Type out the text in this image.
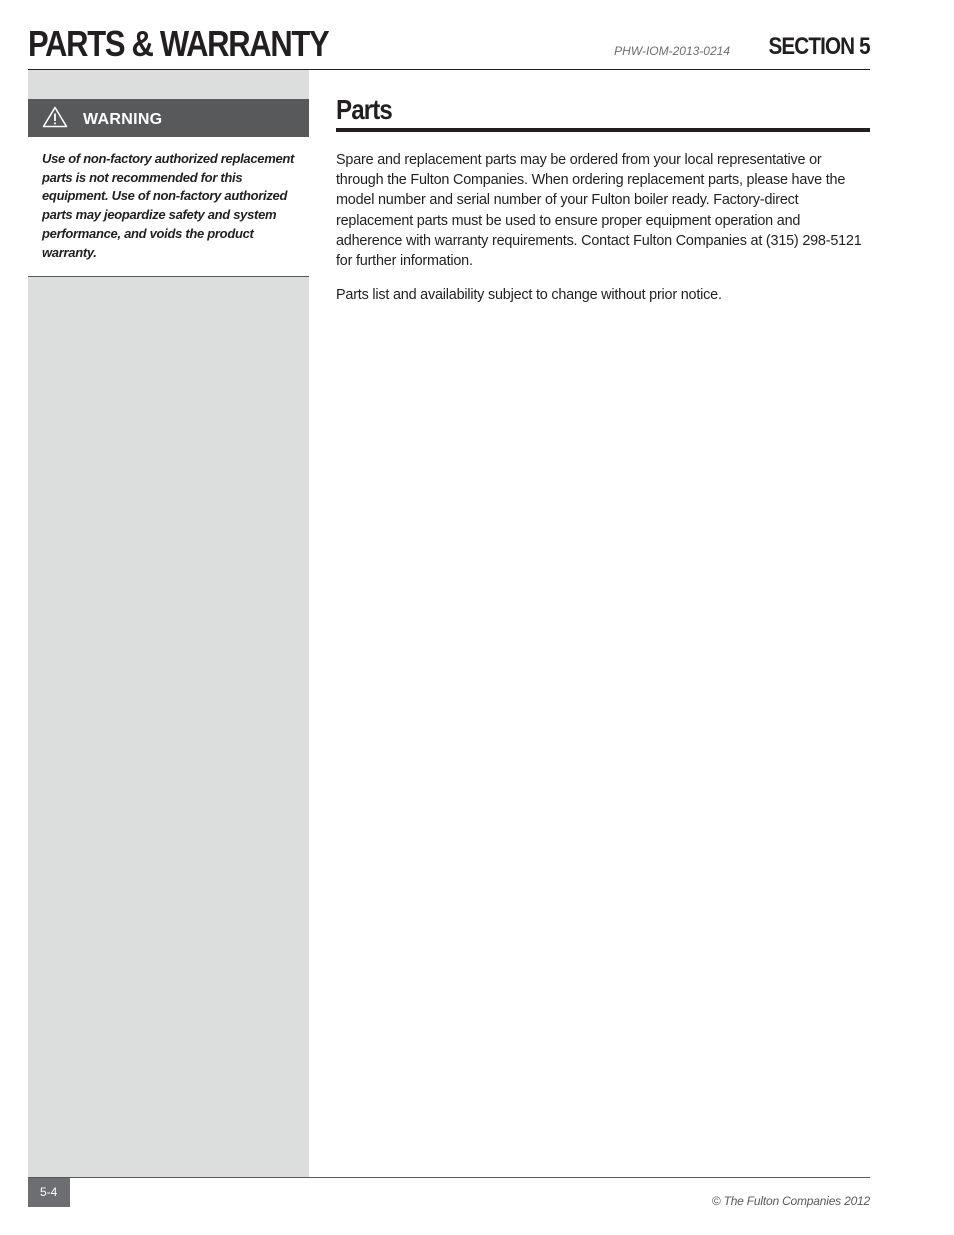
PARTS & WARRANTY	PHW-IOM-2013-0214 SECTION 5
WARNING
Use of non-factory authorized replacement parts is not recommended for this equipment. Use of non-factory authorized parts may jeopardize safety and system performance, and voids the product warranty.
Parts

Spare and replacement parts may be ordered from your local representative or through the Fulton Companies. When ordering replacement parts, please have the model number and serial number of your Fulton boiler ready. Factory-direct replacement parts must be used to ensure proper equipment operation and adherence with warranty requirements. Contact Fulton Companies at (315) 298-5121 for further information.

Parts list and availability subject to change without prior notice.

5-4
© The Fulton Companies 2012
